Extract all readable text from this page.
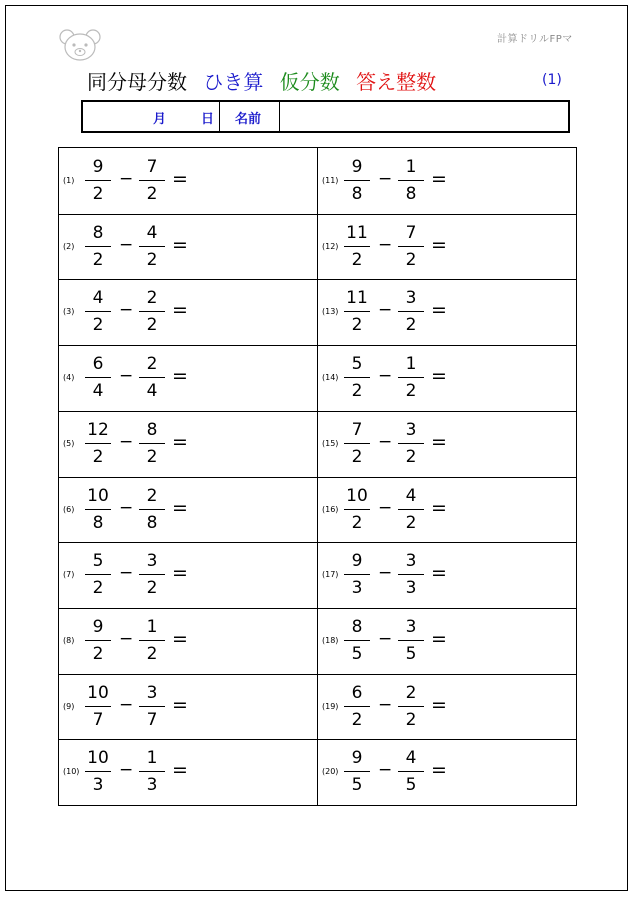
計算ドリルFPマ
同分母分数 ひき算 仮分数 答え整数	(1)
月	日 名前
(1)
9
2
−
7
2
=
(2)
8
2
−
4
2
=
(3)
4
2
−
2
2
=
(4)
6
4
−
2
4
=
(5)
12
2
−
8
2
=
(6)
10
8
−
2
8
=
(7)
5
2
−
3
2
=
(8)
9
2
−
1
2
=
(9)
10
7
−
3
7
=
(10)
10
3
−
1
3
=
(11)
9
8
−
1
8
=
(12)
11
2
−
7
2
=
(13)
11
2
−
3
2
=
(14)
5
2
−
1
2
=
(15)
7
2
−
3
2
=
(16)
10
2
−
4
2
=
(17)
9
3
−
3
3
=
(18)
8
5
−
3
5
=
(19)
6
2
−
2
2
=
(20)
9
5
−
4
5
=
